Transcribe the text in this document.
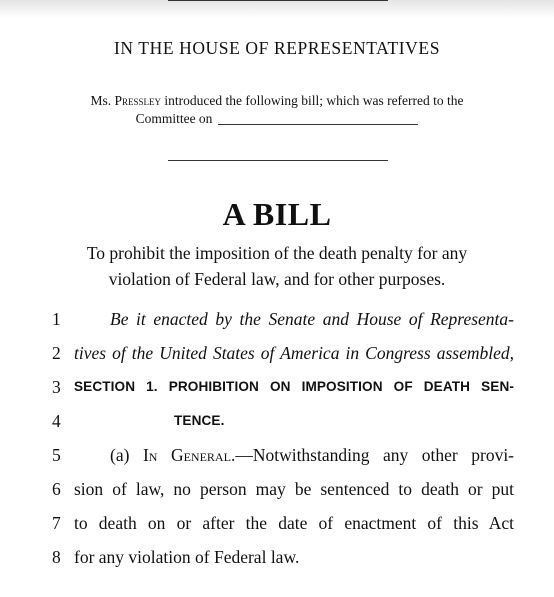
IN THE HOUSE OF REPRESENTATIVES
Ms. Pressley introduced the following bill; which was referred to the
Committee on
A BILL
To prohibit the imposition of the death penalty for any
violation of Federal law, and for other purposes.
1	Be it enacted by the Senate and House of Representa-
2 tives of the United States of America in Congress assembled,
3 SECTION 1. PROHIBITION ON IMPOSITION OF DEATH SEN-
4	TENCE.
5	(a) In General.—Notwithstanding any other provi-
6 sion of law, no person may be sentenced to death or put
7 to death on or after the date of enactment of this Act
8 for any violation of Federal law.
